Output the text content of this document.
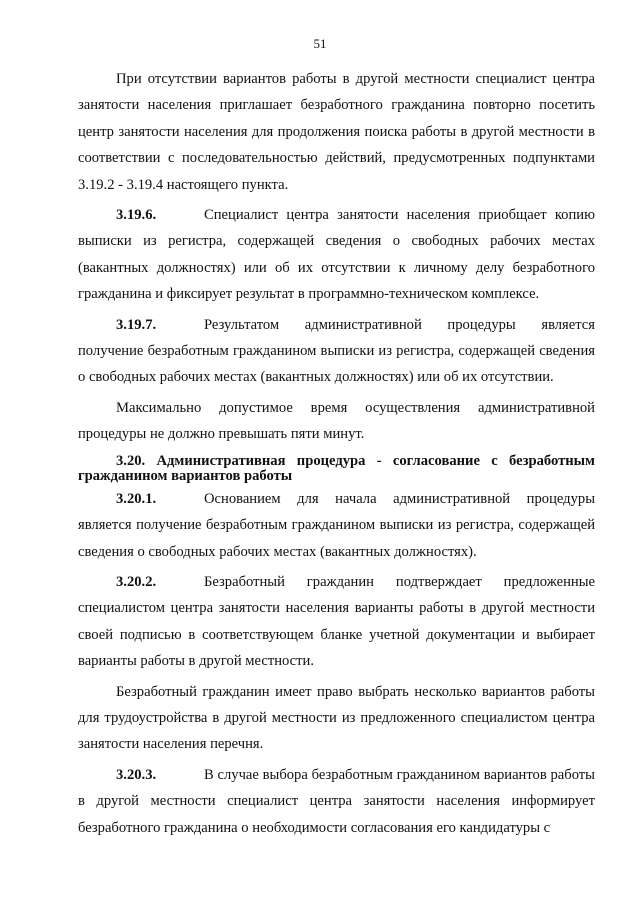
51

При отсутствии вариантов работы в другой местности специалист центра занятости населения приглашает безработного гражданина повторно посетить центр занятости населения для продолжения поиска работы в другой местности в соответствии с последовательностью действий, предусмотренных подпунктами 3.19.2 - 3.19.4 настоящего пункта.

3.19.6.	Специалист центра занятости населения приобщает копию выписки из регистра, содержащей сведения о свободных рабочих местах (вакантных должностях) или об их отсутствии к личному делу безработного гражданина и фиксирует результат в программно-техническом комплексе.

3.19.7.	Результатом административной процедуры является получение безработным гражданином выписки из регистра, содержащей сведения о свободных рабочих местах (вакантных должностях) или об их отсутствии.

Максимально допустимое время осуществления административной процедуры не должно превышать пяти минут.

3.20. Административная процедура - согласование с безработным гражданином вариантов работы

3.20.1.	Основанием для начала административной процедуры является получение безработным гражданином выписки из регистра, содержащей сведения о свободных рабочих местах (вакантных должностях).

3.20.2.	Безработный гражданин подтверждает предложенные специалистом центра занятости населения варианты работы в другой местности своей подписью в соответствующем бланке учетной документации и выбирает варианты работы в другой местности.

Безработный гражданин имеет право выбрать несколько вариантов работы для трудоустройства в другой местности из предложенного специалистом центра занятости населения перечня.

3.20.3.	В случае выбора безработным гражданином вариантов работы в другой местности специалист центра занятости населения информирует безработного гражданина о необходимости согласования его кандидатуры с
